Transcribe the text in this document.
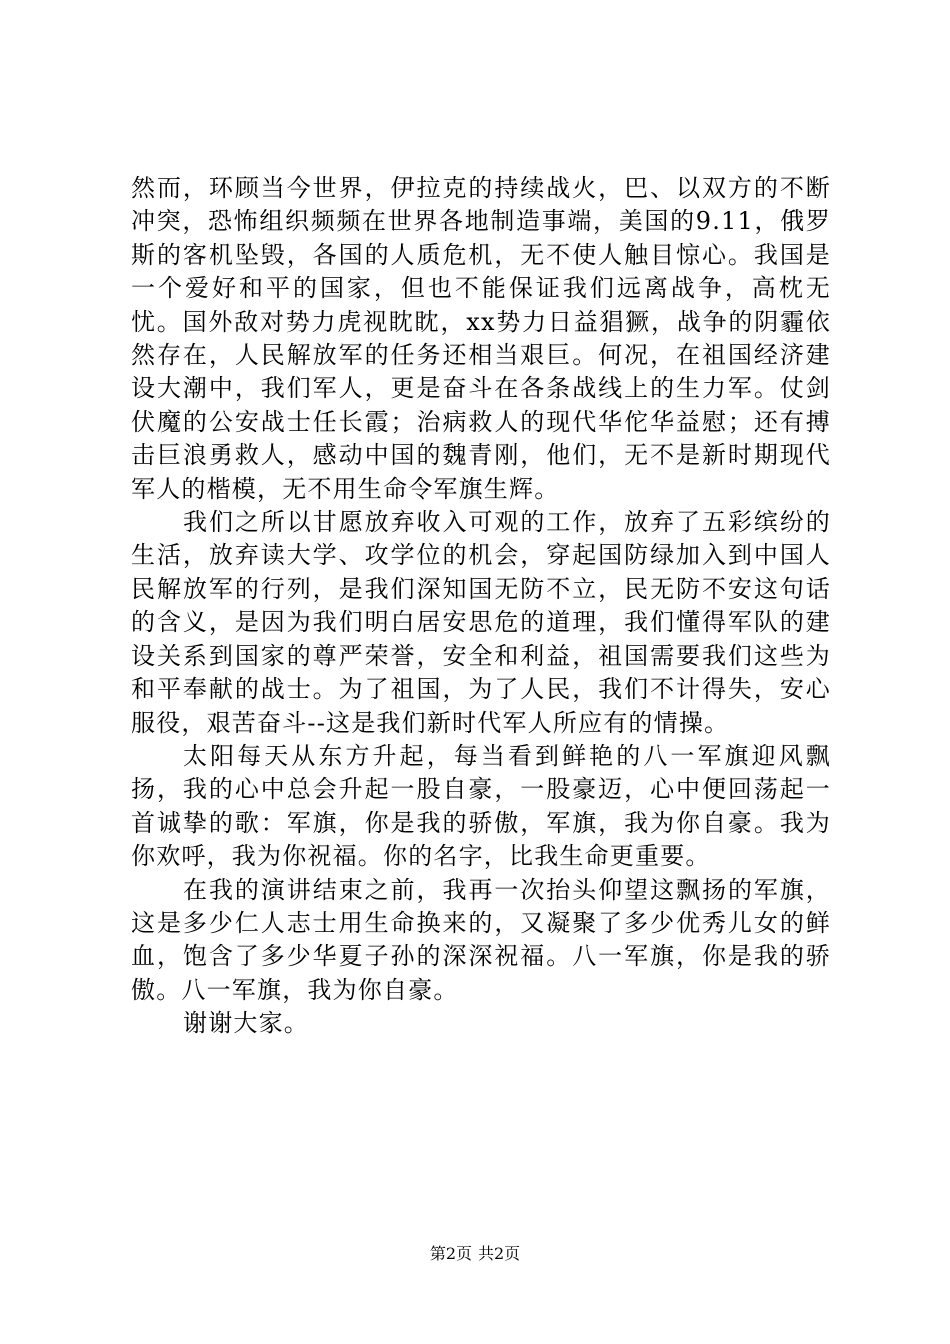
然而，环顾当今世界，伊拉克的持续战火，巴、以双方的不断冲突，恐怖组织频频在世界各地制造事端，美国的9.11，俄罗斯的客机坠毁，各国的人质危机，无不使人触目惊心。我国是一个爱好和平的国家，但也不能保证我们远离战争，高枕无忧。国外敌对势力虎视眈眈，xx势力日益猖獗，战争的阴霾依然存在，人民解放军的任务还相当艰巨。何况，在祖国经济建设大潮中，我们军人，更是奋斗在各条战线上的生力军。仗剑伏魔的公安战士任长霞；治病救人的现代华佗华益慰；还有搏击巨浪勇救人，感动中国的魏青刚，他们，无不是新时期现代军人的楷模，无不用生命令军旗生辉。

我们之所以甘愿放弃收入可观的工作，放弃了五彩缤纷的生活，放弃读大学、攻学位的机会，穿起国防绿加入到中国人民解放军的行列，是我们深知国无防不立，民无防不安这句话的含义，是因为我们明白居安思危的道理，我们懂得军队的建设关系到国家的尊严荣誉，安全和利益，祖国需要我们这些为和平奉献的战士。为了祖国，为了人民，我们不计得失，安心服役，艰苦奋斗--这是我们新时代军人所应有的情操。

太阳每天从东方升起，每当看到鲜艳的八一军旗迎风飘扬，我的心中总会升起一股自豪，一股豪迈，心中便回荡起一首诚挚的歌：军旗，你是我的骄傲，军旗，我为你自豪。我为你欢呼，我为你祝福。你的名字，比我生命更重要。

在我的演讲结束之前，我再一次抬头仰望这飘扬的军旗，这是多少仁人志士用生命换来的，又凝聚了多少优秀儿女的鲜血，饱含了多少华夏子孙的深深祝福。八一军旗，你是我的骄傲。八一军旗，我为你自豪。

谢谢大家。

第2页 共2页
